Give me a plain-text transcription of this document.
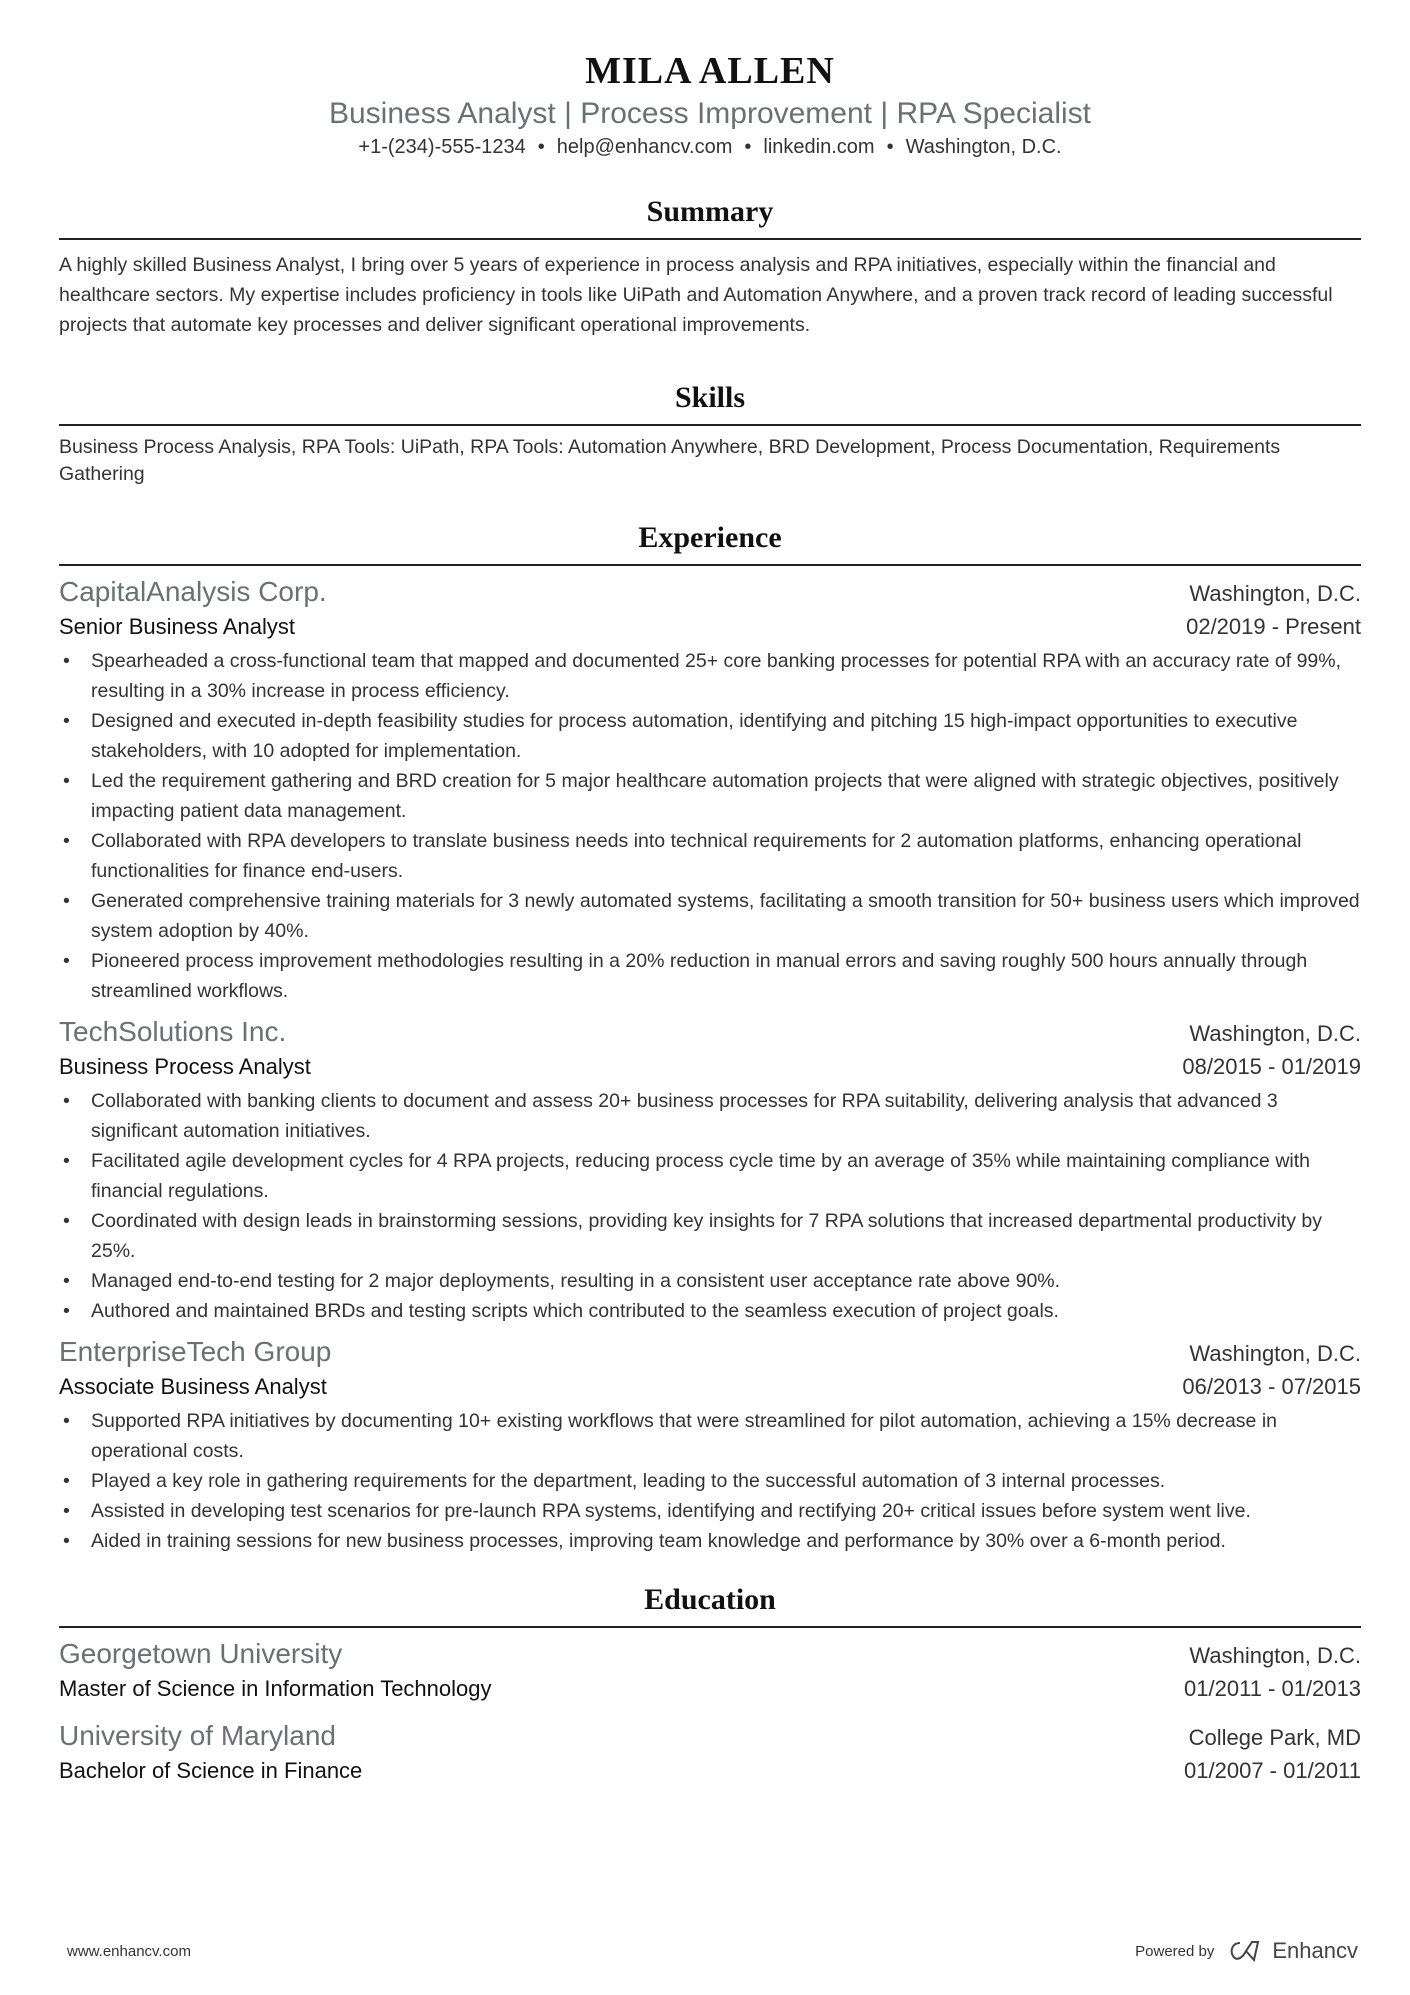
MILA ALLEN
Business Analyst | Process Improvement | RPA Specialist
+1-(234)-555-1234 • help@enhancv.com • linkedin.com • Washington, D.C.
Summary
A highly skilled Business Analyst, I bring over 5 years of experience in process analysis and RPA initiatives, especially within the financial and healthcare sectors. My expertise includes proficiency in tools like UiPath and Automation Anywhere, and a proven track record of leading successful projects that automate key processes and deliver significant operational improvements.
Skills
Business Process Analysis, RPA Tools: UiPath, RPA Tools: Automation Anywhere, BRD Development, Process Documentation, Requirements Gathering
Experience
CapitalAnalysis Corp.	Washington, D.C.
Senior Business Analyst	02/2019 - Present
• Spearheaded a cross-functional team that mapped and documented 25+ core banking processes for potential RPA with an accuracy rate of 99%, resulting in a 30% increase in process efficiency.
• Designed and executed in-depth feasibility studies for process automation, identifying and pitching 15 high-impact opportunities to executive stakeholders, with 10 adopted for implementation.
• Led the requirement gathering and BRD creation for 5 major healthcare automation projects that were aligned with strategic objectives, positively impacting patient data management.
• Collaborated with RPA developers to translate business needs into technical requirements for 2 automation platforms, enhancing operational functionalities for finance end-users.
• Generated comprehensive training materials for 3 newly automated systems, facilitating a smooth transition for 50+ business users which improved system adoption by 40%.
• Pioneered process improvement methodologies resulting in a 20% reduction in manual errors and saving roughly 500 hours annually through streamlined workflows.
TechSolutions Inc.	Washington, D.C.
Business Process Analyst	08/2015 - 01/2019
• Collaborated with banking clients to document and assess 20+ business processes for RPA suitability, delivering analysis that advanced 3 significant automation initiatives.
• Facilitated agile development cycles for 4 RPA projects, reducing process cycle time by an average of 35% while maintaining compliance with financial regulations.
• Coordinated with design leads in brainstorming sessions, providing key insights for 7 RPA solutions that increased departmental productivity by 25%.
• Managed end-to-end testing for 2 major deployments, resulting in a consistent user acceptance rate above 90%.
• Authored and maintained BRDs and testing scripts which contributed to the seamless execution of project goals.
EnterpriseTech Group	Washington, D.C.
Associate Business Analyst	06/2013 - 07/2015
• Supported RPA initiatives by documenting 10+ existing workflows that were streamlined for pilot automation, achieving a 15% decrease in operational costs.
• Played a key role in gathering requirements for the department, leading to the successful automation of 3 internal processes.
• Assisted in developing test scenarios for pre-launch RPA systems, identifying and rectifying 20+ critical issues before system went live.
• Aided in training sessions for new business processes, improving team knowledge and performance by 30% over a 6-month period.
Education
Georgetown University	Washington, D.C.
Master of Science in Information Technology	01/2011 - 01/2013
University of Maryland	College Park, MD
Bachelor of Science in Finance	01/2007 - 01/2011
www.enhancv.com	Powered by	Enhancv
